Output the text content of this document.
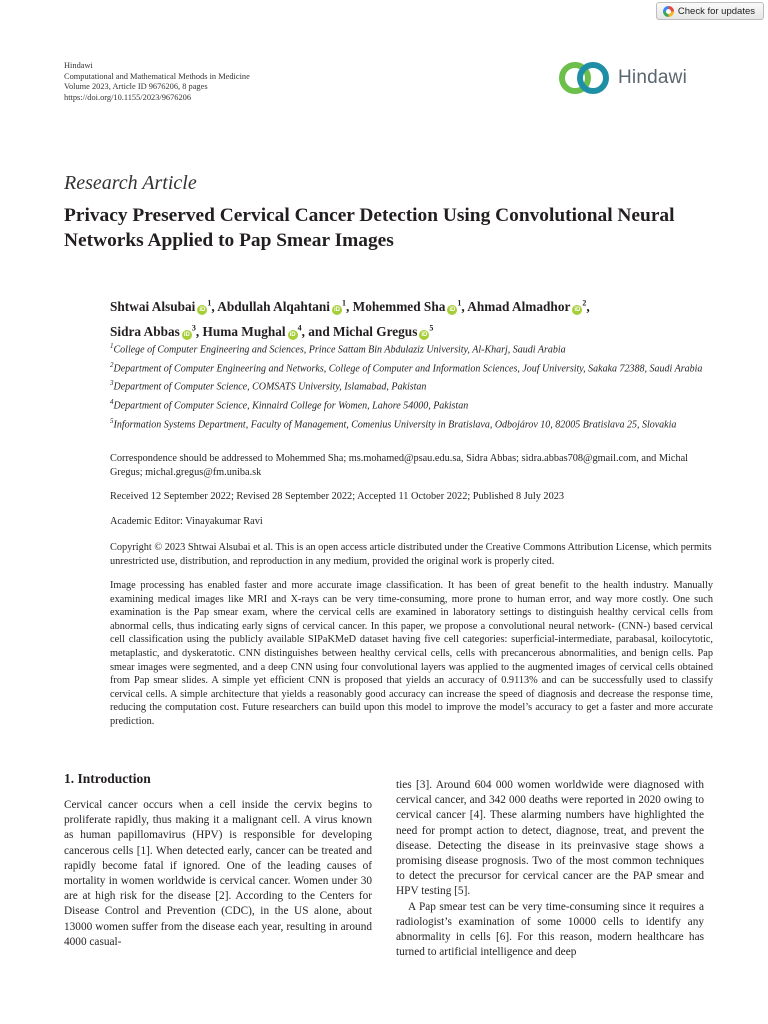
Check for updates
Hindawi
Computational and Mathematical Methods in Medicine
Volume 2023, Article ID 9676206, 8 pages
https://doi.org/10.1155/2023/9676206
Hindawi
Research Article
Privacy Preserved Cervical Cancer Detection Using Convolutional Neural Networks Applied to Pap Smear Images
Shtwai Alsubai $iD^1$, Abdullah Alqahtani $iD^1$, Mohemmed Sha $iD^1$, Ahmad Almadhor $iD^2$,
Sidra Abbas $iD^3$, Huma Mughal $iD^4$, and Michal Gregus $iD^5$
$^1$College of Computer Engineering and Sciences, Prince Sattam Bin Abdulaziz University, Al-Kharj, Saudi Arabia
$^2$Department of Computer Engineering and Networks, College of Computer and Information Sciences, Jouf University, Sakaka 72388, Saudi Arabia
$^3$Department of Computer Science, COMSATS University, Islamabad, Pakistan
$^4$Department of Computer Science, Kinnaird College for Women, Lahore 54000, Pakistan
$^5$Information Systems Department, Faculty of Management, Comenius University in Bratislava, Odbojárov 10, 82005 Bratislava 25, Slovakia
Correspondence should be addressed to Mohemmed Sha; ms.mohamed@psau.edu.sa, Sidra Abbas; sidra.abbas708@gmail.com, and Michal Gregus; michal.gregus@fm.uniba.sk
Received 12 September 2022; Revised 28 September 2022; Accepted 11 October 2022; Published 8 July 2023
Academic Editor: Vinayakumar Ravi
Copyright © 2023 Shtwai Alsubai et al. This is an open access article distributed under the Creative Commons Attribution License, which permits unrestricted use, distribution, and reproduction in any medium, provided the original work is properly cited.
Image processing has enabled faster and more accurate image classification. It has been of great benefit to the health industry. Manually examining medical images like MRI and X-rays can be very time-consuming, more prone to human error, and way more costly. One such examination is the Pap smear exam, where the cervical cells are examined in laboratory settings to distinguish healthy cervical cells from abnormal cells, thus indicating early signs of cervical cancer. In this paper, we propose a convolutional neural network- (CNN-) based cervical cell classification using the publicly available SIPaKMeD dataset having five cell categories: superficial-intermediate, parabasal, koilocytotic, metaplastic, and dyskeratotic. CNN distinguishes between healthy cervical cells, cells with precancerous abnormalities, and benign cells. Pap smear images were segmented, and a deep CNN using four convolutional layers was applied to the augmented images of cervical cells obtained from Pap smear slides. A simple yet efficient CNN is proposed that yields an accuracy of 0.9113% and can be successfully used to classify cervical cells. A simple architecture that yields a reasonably good accuracy can increase the speed of diagnosis and decrease the response time, reducing the computation cost. Future researchers can build upon this model to improve the model’s accuracy to get a faster and more accurate prediction.
1. Introduction

Cervical cancer occurs when a cell inside the cervix begins to proliferate rapidly, thus making it a malignant cell. A virus known as human papillomavirus (HPV) is responsible for developing cancerous cells [1]. When detected early, cancer can be treated and rapidly become fatal if ignored. One of the leading causes of mortality in women worldwide is cervical cancer. Women under 30 are at high risk for the disease [2]. According to the Centers for Disease Control and Prevention (CDC), in the US alone, about 13000 women suffer from the disease each year, resulting in around 4000 casual-

ties [3]. Around 604 000 women worldwide were diagnosed with cervical cancer, and 342 000 deaths were reported in 2020 owing to cervical cancer [4]. These alarming numbers have highlighted the need for prompt action to detect, diagnose, treat, and prevent the disease. Detecting the disease in its preinvasive stage shows a promising disease prognosis. Two of the most common techniques to detect the precursor for cervical cancer are the PAP smear and HPV testing [5].

A Pap smear test can be very time-consuming since it requires a radiologist’s examination of some 10000 cells to identify any abnormality in cells [6]. For this reason, modern healthcare has turned to artificial intelligence and deep
